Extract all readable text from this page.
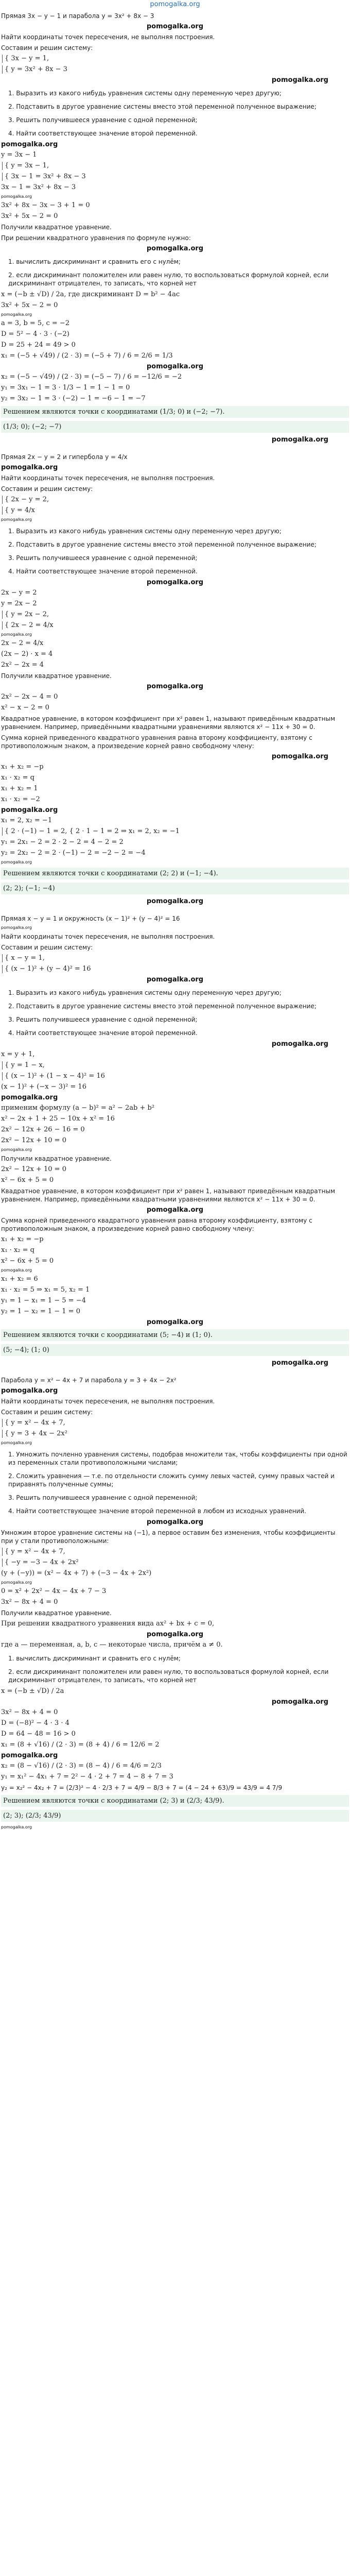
pomogalka.org
Прямая 3x − y − 1 и парабола y = 3x² + 8x − 3
pomogalka.org
Найти координаты точек пересечения, не выполняя построения.
Составим и решим систему:
{ 3x − y = 1,
{ y = 3x² + 8x − 3
pomogalka.org
1. Выразить из какого нибудь уравнения системы одну переменную через другую;
2. Подставить в другое уравнение системы вместо этой переменной полученное выражение;
3. Решить получившееся уравнение с одной переменной;
4. Найти соответствующее значение второй переменной.
pomogalka.org
y = 3x − 1
{ y = 3x − 1,
{ 3x − 1 = 3x² + 8x − 3
3x − 1 = 3x² + 8x − 3
pomogalka.org
3x² + 8x − 3x − 3 + 1 = 0
3x² + 5x − 2 = 0
Получили квадратное уравнение.
При решении квадратного уравнения по формуле нужно:
pomogalka.org
1. вычислить дискриминант и сравнить его с нулём;
2. если дискриминант положителен или равен нулю, то воспользоваться формулой корней, если дискриминант отрицателен, то записать, что корней нет
x = (−b ± √D) / 2a, где дискриминант D = b² − 4ac
3x² + 5x − 2 = 0
pomogalka.org
a = 3, b = 5, c = −2
D = 5² − 4 · 3 · (−2)
D = 25 + 24 = 49 > 0
x₁ = (−5 + √49) / (2 · 3) = (−5 + 7) / 6 = 2/6 = 1/3
pomogalka.org
x₂ = (−5 − √49) / (2 · 3) = (−5 − 7) / 6 = −12/6 = −2
y₁ = 3x₁ − 1 = 3 · 1/3 − 1 = 1 − 1 = 0
y₂ = 3x₂ − 1 = 3 · (−2) − 1 = −6 − 1 = −7
Решением являются точки с координатами (1/3; 0) и (−2; −7).
(1/3; 0); (−2; −7)
pomogalka.org
Прямая 2x − y = 2 и гипербола y = 4/x
pomogalka.org
Найти координаты точек пересечения, не выполняя построения.
Составим и решим систему:
{ 2x − y = 2,
{ y = 4/x
pomogalka.org
1. Выразить из какого нибудь уравнения системы одну переменную через другую;
2. Подставить в другое уравнение системы вместо этой переменной полученное выражение;
3. Решить получившееся уравнение с одной переменной;
4. Найти соответствующее значение второй переменной.
pomogalka.org
2x − y = 2
y = 2x − 2
{ y = 2x − 2,
{ 2x − 2 = 4/x
pomogalka.org
2x − 2 = 4/x
(2x − 2) · x = 4
2x² − 2x = 4
Получили квадратное уравнение.
pomogalka.org
2x² − 2x − 4 = 0
x² − x − 2 = 0
Квадратное уравнение, в котором коэффициент при x² равен 1, называют приведённым квадратным уравнением. Например, приведёнными квадратными уравнениями являются x² − 11x + 30 = 0.
Сумма корней приведенного квадратного уравнения равна второму коэффициенту, взятому с противоположным знаком, а произведение корней равно свободному члену:
pomogalka.org
x₁ + x₂ = −p
x₁ · x₂ = q
x₁ + x₂ = 1
x₁ · x₂ = −2
pomogalka.org
x₁ = 2, x₂ = −1
{ 2 · (−1) − 1 = 2, { 2 · 1 − 1 = 2 ⇒ x₁ = 2, x₂ = −1
y₁ = 2x₁ − 2 = 2 · 2 − 2 = 4 − 2 = 2
y₂ = 2x₂ − 2 = 2 · (−1) − 2 = −2 − 2 = −4
pomogalka.org
Решением являются точки с координатами (2; 2) и (−1; −4).
(2; 2); (−1; −4)
pomogalka.org
Прямая x − y = 1 и окружность (x − 1)² + (y − 4)² = 16
pomogalka.org
Найти координаты точек пересечения, не выполняя построения.
Составим и решим систему:
{ x − y = 1,
{ (x − 1)² + (y − 4)² = 16
pomogalka.org
1. Выразить из какого нибудь уравнения системы одну переменную через другую;
2. Подставить в другое уравнение системы вместо этой переменной полученное выражение;
3. Решить получившееся уравнение с одной переменной;
4. Найти соответствующее значение второй переменной.
pomogalka.org
x = y + 1,
{ y = 1 − x,
{ (x − 1)² + (1 − x − 4)² = 16
(x − 1)² + (−x − 3)² = 16
pomogalka.org
применим формулу (a − b)² = a² − 2ab + b²
x² − 2x + 1 + 25 − 10x + x² = 16
2x² − 12x + 26 − 16 = 0
2x² − 12x + 10 = 0
pomogalka.org
Получили квадратное уравнение.
2x² − 12x + 10 = 0
x² − 6x + 5 = 0
Квадратное уравнение, в котором коэффициент при x² равен 1, называют приведённым квадратным уравнением. Например, приведёнными квадратными уравнениями являются x² − 11x + 30 = 0.
pomogalka.org
Сумма корней приведенного квадратного уравнения равна второму коэффициенту, взятому с противоположным знаком, а произведение корней равно свободному члену:
x₁ + x₂ = −p
x₁ · x₂ = q
x² − 6x + 5 = 0
pomogalka.org
x₁ + x₂ = 6
x₁ · x₂ = 5 ⇒ x₁ = 5, x₂ = 1
y₁ = 1 − x₁ = 1 − 5 = −4
y₂ = 1 − x₂ = 1 − 1 = 0
pomogalka.org
Решением являются точки с координатами (5; −4) и (1; 0).
(5; −4); (1; 0)
pomogalka.org
Парабола y = x² − 4x + 7 и парабола y = 3 + 4x − 2x²
pomogalka.org
Найти координаты точек пересечения, не выполняя построения.
Составим и решим систему:
{ y = x² − 4x + 7,
{ y = 3 + 4x − 2x²
pomogalka.org
1. Умножить почленно уравнения системы, подобрав множители так, чтобы коэффициенты при одной из переменных стали противоположными числами;
2. Сложить уравнения — т.е. по отдельности сложить сумму левых частей, сумму правых частей и приравнять полученные суммы;
3. Решить получившееся уравнение с одной переменной;
4. Найти соответствующее значение второй переменной в любом из исходных уравнений.
pomogalka.org
Умножим второе уравнение системы на (−1), а первое оставим без изменения, чтобы коэффициенты при y стали противоположными:
{ y = x² − 4x + 7,
{ −y = −3 − 4x + 2x²
(y + (−y)) = (x² − 4x + 7) + (−3 − 4x + 2x²)
pomogalka.org
0 = x² + 2x² − 4x − 4x + 7 − 3
3x² − 8x + 4 = 0
Получили квадратное уравнение.
При решении квадратного уравнения вида ax² + bx + c = 0,
pomogalka.org
где a — переменная, a, b, c — некоторые числа, причём a ≠ 0.
1. вычислить дискриминант и сравнить его с нулём;
2. если дискриминант положителен или равен нулю, то воспользоваться формулой корней, если дискриминант отрицателен, то записать, что корней нет
x = (−b ± √D) / 2a
pomogalka.org
3x² − 8x + 4 = 0
D = (−8)² − 4 · 3 · 4
D = 64 − 48 = 16 > 0
x₁ = (8 + √16) / (2 · 3) = (8 + 4) / 6 = 12/6 = 2
pomogalka.org
x₂ = (8 − √16) / (2 · 3) = (8 − 4) / 6 = 4/6 = 2/3
y₁ = x₁² − 4x₁ + 7 = 2² − 4 · 2 + 7 = 4 − 8 + 7 = 3
y₂ = x₂² − 4x₂ + 7 = (2/3)² − 4 · 2/3 + 7 = 4/9 − 8/3 + 7 = (4 − 24 + 63)/9 = 43/9 = 4 7/9
Решением являются точки с координатами (2; 3) и (2/3; 43/9).
(2; 3); (2/3; 43/9)
pomogalka.org
